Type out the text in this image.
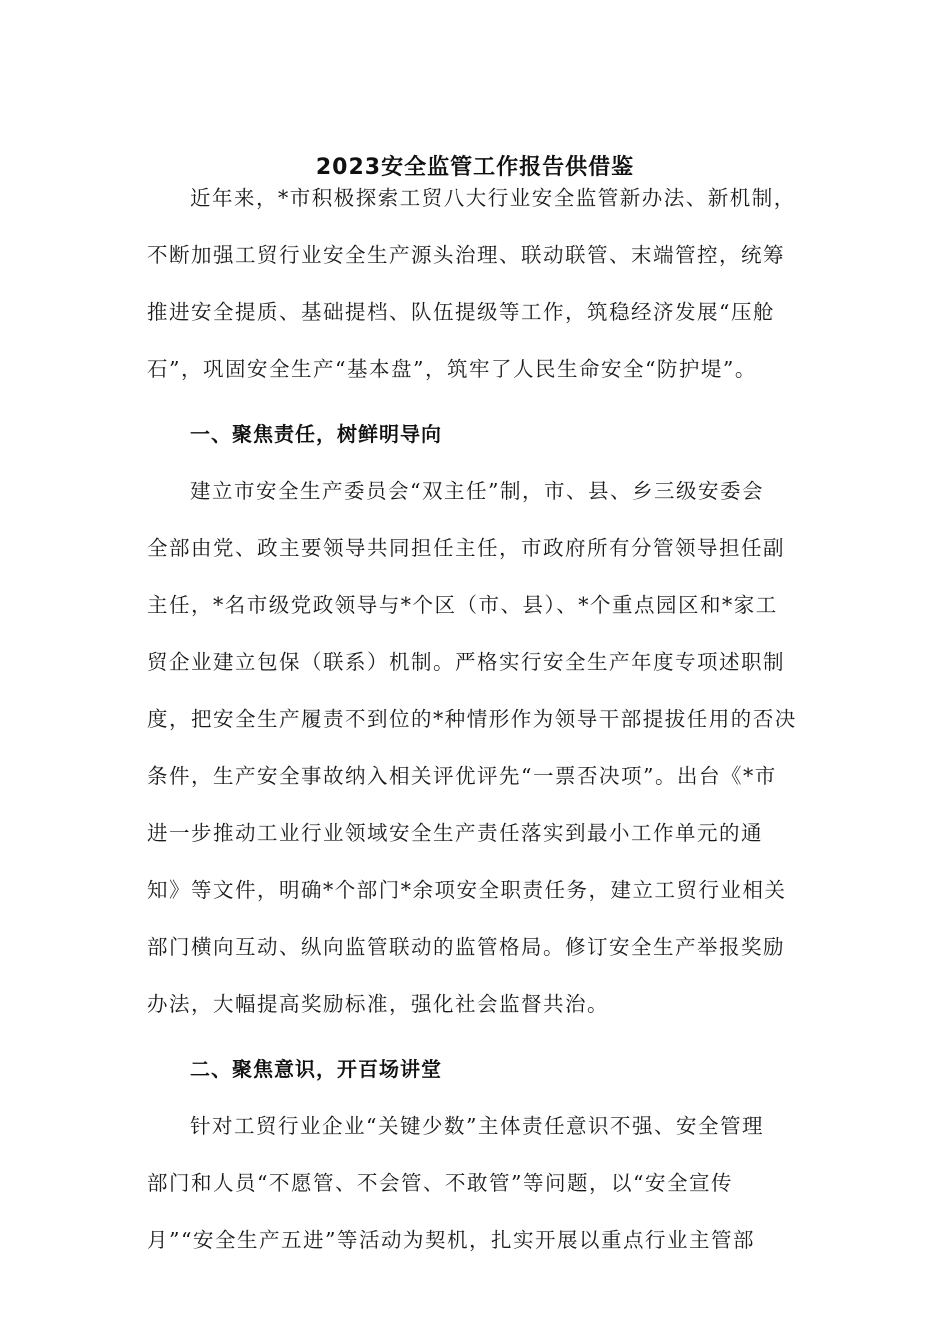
2023安全监管工作报告供借鉴
近年来，*市积极探索工贸八大行业安全监管新办法、新机制，
不断加强工贸行业安全生产源头治理、联动联管、末端管控，统筹
推进安全提质、基础提档、队伍提级等工作，筑稳经济发展“压舱
石”，巩固安全生产“基本盘”，筑牢了人民生命安全“防护堤”。
一、聚焦责任，树鲜明导向
建立市安全生产委员会“双主任”制，市、县、乡三级安委会
全部由党、政主要领导共同担任主任，市政府所有分管领导担任副
主任，*名市级党政领导与*个区（市、县）、*个重点园区和*家工
贸企业建立包保（联系）机制。严格实行安全生产年度专项述职制
度，把安全生产履责不到位的*种情形作为领导干部提拔任用的否决
条件，生产安全事故纳入相关评优评先“一票否决项”。出台《*市
进一步推动工业行业领域安全生产责任落实到最小工作单元的通
知》等文件，明确*个部门*余项安全职责任务，建立工贸行业相关
部门横向互动、纵向监管联动的监管格局。修订安全生产举报奖励
办法，大幅提高奖励标准，强化社会监督共治。
二、聚焦意识，开百场讲堂
针对工贸行业企业“关键少数”主体责任意识不强、安全管理
部门和人员“不愿管、不会管、不敢管”等问题，以“安全宣传
月”“安全生产五进”等活动为契机，扎实开展以重点行业主管部
